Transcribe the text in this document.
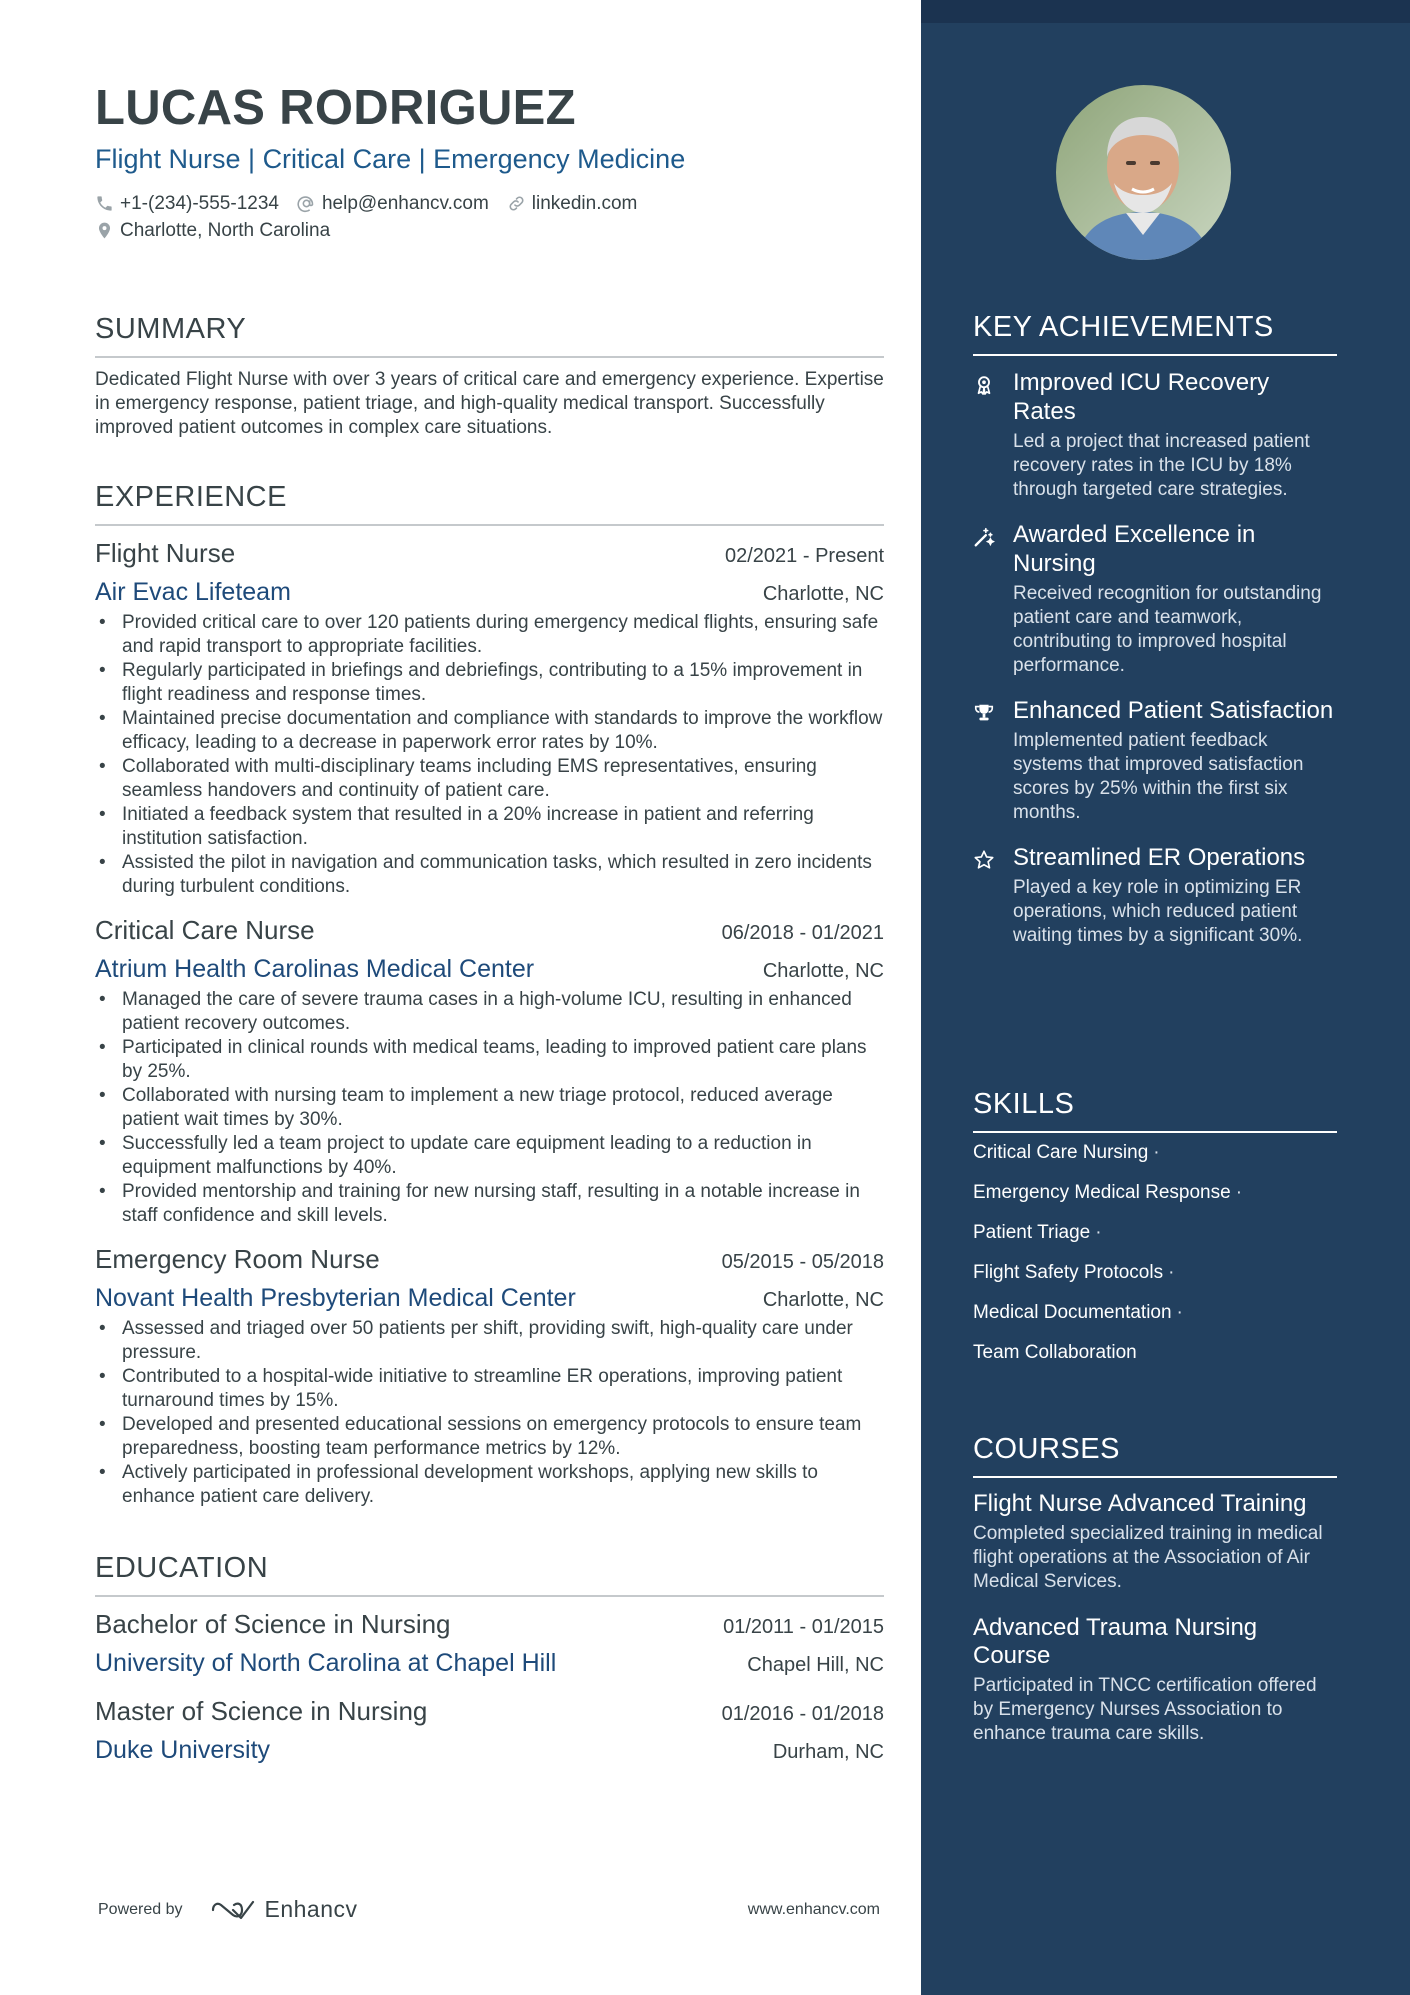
LUCAS RODRIGUEZ
Flight Nurse | Critical Care | Emergency Medicine
+1-(234)-555-1234 help@enhancv.com linkedin.com
Charlotte, North Carolina
SUMMARY
Dedicated Flight Nurse with over 3 years of critical care and emergency experience. Expertise in emergency response, patient triage, and high-quality medical transport. Successfully improved patient outcomes in complex care situations.
EXPERIENCE
Flight Nurse	02/2021 - Present
Air Evac Lifeteam	Charlotte, NC
• Provided critical care to over 120 patients during emergency medical flights, ensuring safe and rapid transport to appropriate facilities.
• Regularly participated in briefings and debriefings, contributing to a 15% improvement in flight readiness and response times.
• Maintained precise documentation and compliance with standards to improve the workflow efficacy, leading to a decrease in paperwork error rates by 10%.
• Collaborated with multi-disciplinary teams including EMS representatives, ensuring seamless handovers and continuity of patient care.
• Initiated a feedback system that resulted in a 20% increase in patient and referring institution satisfaction.
• Assisted the pilot in navigation and communication tasks, which resulted in zero incidents during turbulent conditions.
Critical Care Nurse	06/2018 - 01/2021
Atrium Health Carolinas Medical Center	Charlotte, NC
• Managed the care of severe trauma cases in a high-volume ICU, resulting in enhanced patient recovery outcomes.
• Participated in clinical rounds with medical teams, leading to improved patient care plans by 25%.
• Collaborated with nursing team to implement a new triage protocol, reduced average patient wait times by 30%.
• Successfully led a team project to update care equipment leading to a reduction in equipment malfunctions by 40%.
• Provided mentorship and training for new nursing staff, resulting in a notable increase in staff confidence and skill levels.
Emergency Room Nurse	05/2015 - 05/2018
Novant Health Presbyterian Medical Center	Charlotte, NC
• Assessed and triaged over 50 patients per shift, providing swift, high-quality care under pressure.
• Contributed to a hospital-wide initiative to streamline ER operations, improving patient turnaround times by 15%.
• Developed and presented educational sessions on emergency protocols to ensure team preparedness, boosting team performance metrics by 12%.
• Actively participated in professional development workshops, applying new skills to enhance patient care delivery.
EDUCATION
Bachelor of Science in Nursing	01/2011 - 01/2015
University of North Carolina at Chapel Hill	Chapel Hill, NC
Master of Science in Nursing	01/2016 - 01/2018
Duke University	Durham, NC
Powered by	Enhancv	www.enhancv.com
KEY ACHIEVEMENTS
Improved ICU Recovery Rates
Led a project that increased patient recovery rates in the ICU by 18% through targeted care strategies.
Awarded Excellence in Nursing
Received recognition for outstanding patient care and teamwork, contributing to improved hospital performance.
Enhanced Patient Satisfaction
Implemented patient feedback systems that improved satisfaction scores by 25% within the first six months.
Streamlined ER Operations
Played a key role in optimizing ER operations, which reduced patient waiting times by a significant 30%.
SKILLS
Critical Care Nursing ·
Emergency Medical Response ·
Patient Triage ·
Flight Safety Protocols ·
Medical Documentation ·
Team Collaboration
COURSES
Flight Nurse Advanced Training
Completed specialized training in medical flight operations at the Association of Air Medical Services.
Advanced Trauma Nursing Course
Participated in TNCC certification offered by Emergency Nurses Association to enhance trauma care skills.
